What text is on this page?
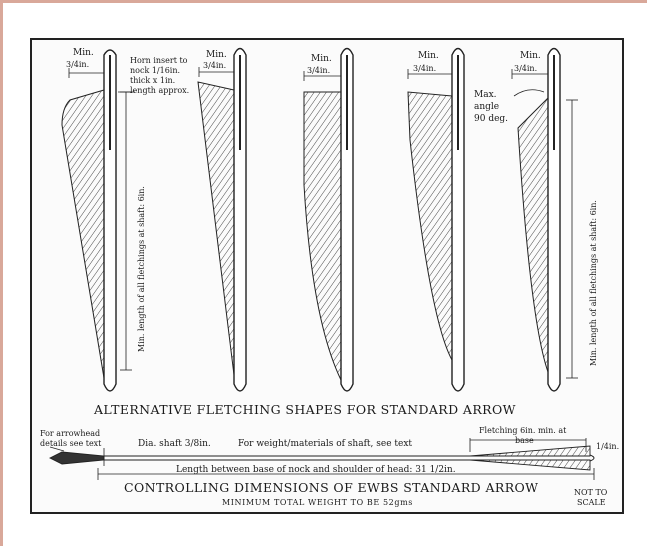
Min.
3/4in.
Min.
3/4in.
Min.
3/4in.
Min.
3/4in.
Min.
3/4in.
Horn insert to
nock 1/16in.
thick x 1in.
length approx.	Max.
angle
90 deg.
Min. length of all fletchings at shaft: 6in.	Min. length of all fletchings at shaft: 6in.
ALTERNATIVE FLETCHING SHAPES FOR STANDARD ARROW
For arrowhead
details see text	Dia. shaft 3/8in.	For weight/materials of shaft, see text
Fletching 6in. min. at
base
1/4in.
Length between base of nock and shoulder of head: 31 1/2in.
CONTROLLING DIMENSIONS OF EWBS STANDARD ARROW
MINIMUM TOTAL WEIGHT TO BE 52gms
NOT TO
SCALE
